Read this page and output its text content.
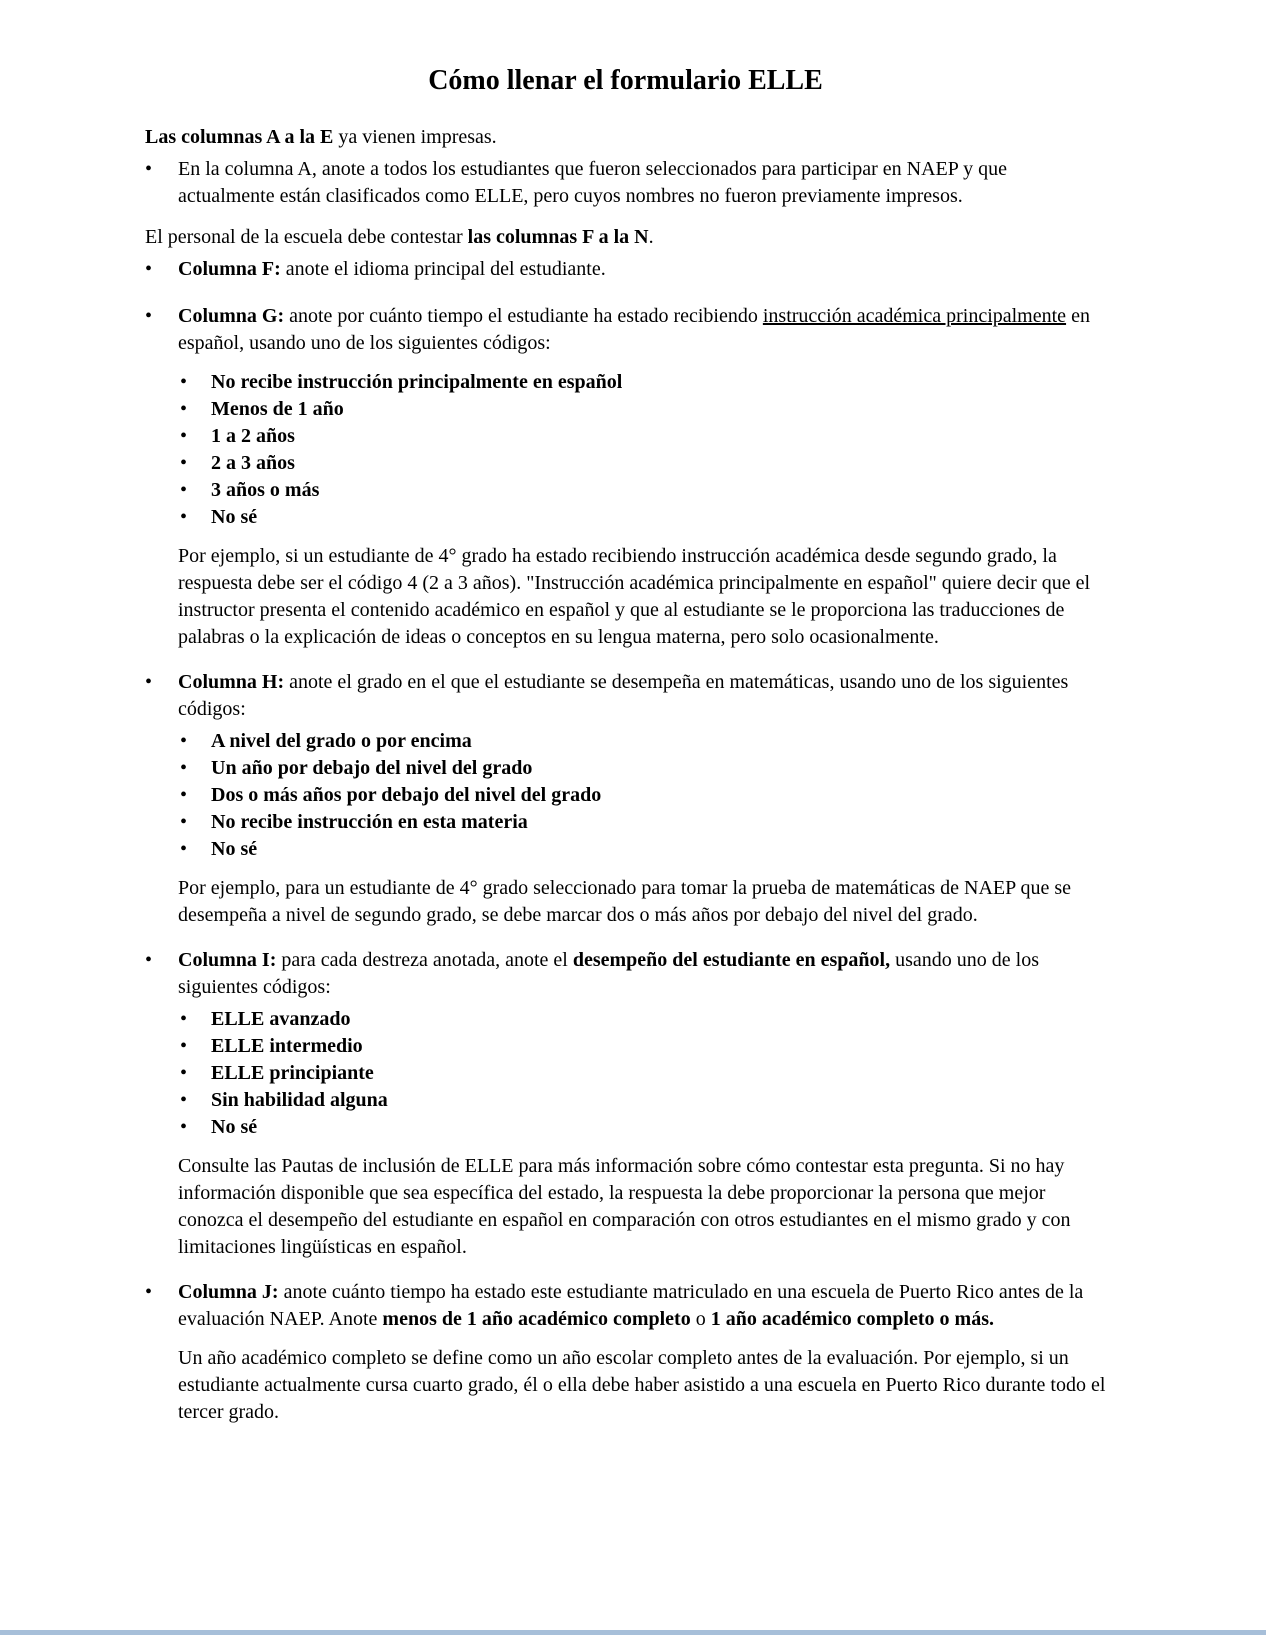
Cómo llenar el formulario ELLE

Las columnas A a la E ya vienen impresas.

•	En la columna A, anote a todos los estudiantes que fueron seleccionados para participar en NAEP y que actualmente están clasificados como ELLE, pero cuyos nombres no fueron previamente impresos.

El personal de la escuela debe contestar las columnas F a la N.

•	Columna F: anote el idioma principal del estudiante.
•	Columna G: anote por cuánto tiempo el estudiante ha estado recibiendo instrucción académica principalmente en español, usando uno de los siguientes códigos:
•	No recibe instrucción principalmente en español
•	Menos de 1 año
•	1 a 2 años
•	2 a 3 años
•	3 años o más
•	No sé

Por ejemplo, si un estudiante de 4° grado ha estado recibiendo instrucción académica desde segundo grado, la respuesta debe ser el código 4 (2 a 3 años). "Instrucción académica principalmente en español" quiere decir que el instructor presenta el contenido académico en español y que al estudiante se le proporciona las traducciones de palabras o la explicación de ideas o conceptos en su lengua materna, pero solo ocasionalmente.

•	Columna H: anote el grado en el que el estudiante se desempeña en matemáticas, usando uno de los siguientes códigos:
•	A nivel del grado o por encima
•	Un año por debajo del nivel del grado
•	Dos o más años por debajo del nivel del grado
•	No recibe instrucción en esta materia
•	No sé

Por ejemplo, para un estudiante de 4° grado seleccionado para tomar la prueba de matemáticas de NAEP que se desempeña a nivel de segundo grado, se debe marcar dos o más años por debajo del nivel del grado.

•	Columna I: para cada destreza anotada, anote el desempeño del estudiante en español, usando uno de los siguientes códigos:
•	ELLE avanzado
•	ELLE intermedio
•	ELLE principiante
•	Sin habilidad alguna
•	No sé

Consulte las Pautas de inclusión de ELLE para más información sobre cómo contestar esta pregunta. Si no hay información disponible que sea específica del estado, la respuesta la debe proporcionar la persona que mejor conozca el desempeño del estudiante en español en comparación con otros estudiantes en el mismo grado y con limitaciones lingüísticas en español.

•	Columna J: anote cuánto tiempo ha estado este estudiante matriculado en una escuela de Puerto Rico antes de la evaluación NAEP. Anote menos de 1 año académico completo o 1 año académico completo o más.

Un año académico completo se define como un año escolar completo antes de la evaluación. Por ejemplo, si un estudiante actualmente cursa cuarto grado, él o ella debe haber asistido a una escuela en Puerto Rico durante todo el tercer grado.
